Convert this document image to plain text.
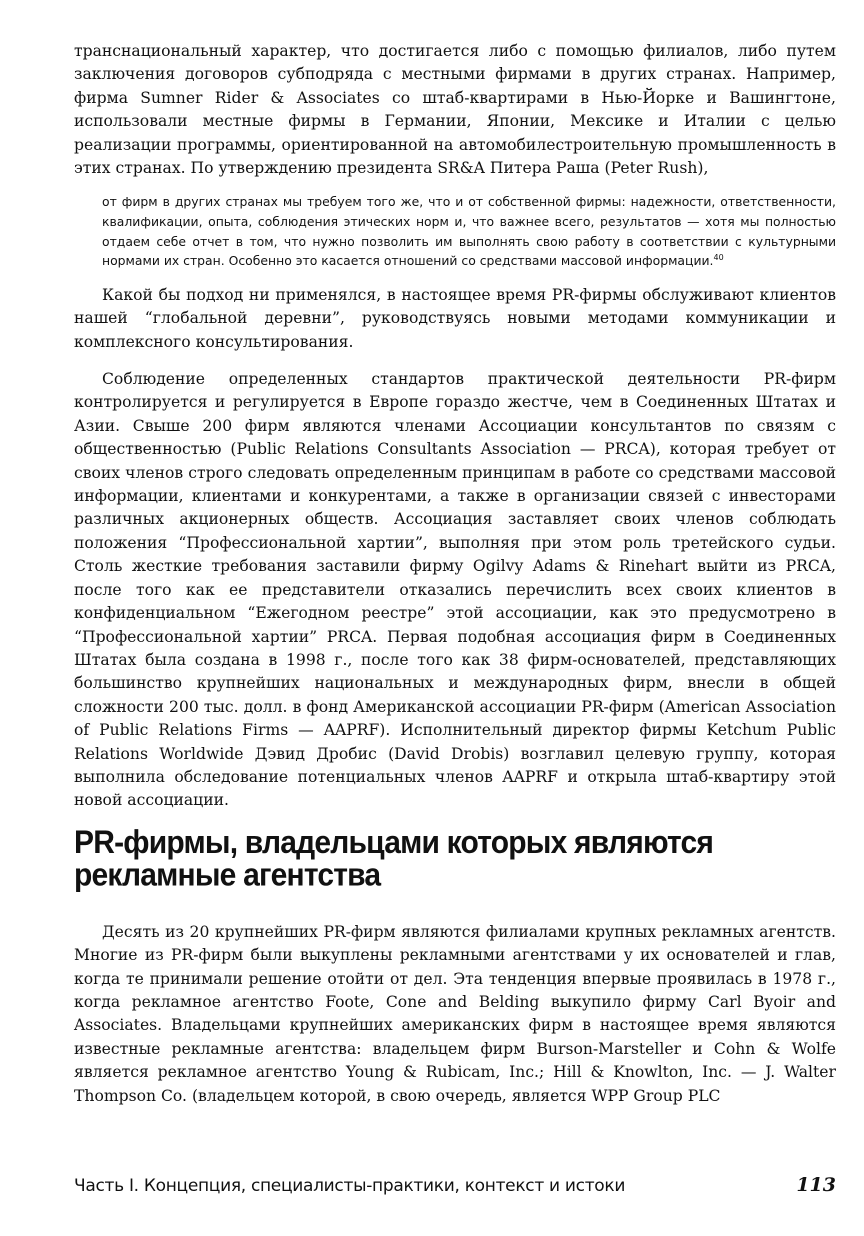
транснациональный характер, что достигается либо с помощью филиалов, либо путем заключения договоров субподряда с местными фирмами в других странах. Например, фирма Sumner Rider & Associates со штаб-квартирами в Нью-Йорке и Вашингтоне, использовали местные фирмы в Германии, Японии, Мексике и Италии с целью реализации программы, ориентированной на автомобилестроительную промышленность в этих странах. По утверждению президента SR&A Питера Раша (Peter Rush),

от фирм в других странах мы требуем того же, что и от собственной фирмы: надежности, ответственности, квалификации, опыта, соблюдения этических норм и, что важнее всего, результатов — хотя мы полностью отдаем себе отчет в том, что нужно позволить им выполнять свою работу в соответствии с культурными нормами их стран. Особенно это касается отношений со средствами массовой информации.$^{40}$

Какой бы подход ни применялся, в настоящее время PR-фирмы обслуживают клиентов нашей “глобальной деревни”, руководствуясь новыми методами коммуникации и комплексного консультирования.

Соблюдение определенных стандартов практической деятельности PR-фирм контролируется и регулируется в Европе гораздо жестче, чем в Соединенных Штатах и Азии. Свыше 200 фирм являются членами Ассоциации консультантов по связям с общественностью (Public Relations Consultants Association — PRCA), которая требует от своих членов строго следовать определенным принципам в работе со средствами массовой информации, клиентами и конкурентами, а также в организации связей с инвесторами различных акционерных обществ. Ассоциация заставляет своих членов соблюдать положения “Профессиональной хартии”, выполняя при этом роль третейского судьи. Столь жесткие требования заставили фирму Ogilvy Adams & Rinehart выйти из PRCA, после того как ее представители отказались перечислить всех своих клиентов в конфиденциальном “Ежегодном реестре” этой ассоциации, как это предусмотрено в “Профессиональной хартии” PRCA. Первая подобная ассоциация фирм в Соединенных Штатах была создана в 1998 г., после того как 38 фирм-основателей, представляющих большинство крупнейших национальных и международных фирм, внесли в общей сложности 200 тыс. долл. в фонд Американской ассоциации PR-фирм (American Association of Public Relations Firms — AAPRF). Исполнительный директор фирмы Ketchum Public Relations Worldwide Дэвид Дробис (David Drobis) возглавил целевую группу, которая выполнила обследование потенциальных членов AAPRF и открыла штаб-квартиру этой новой ассоциации.

PR-фирмы, владельцами которых являются рекламные агентства

Десять из 20 крупнейших PR-фирм являются филиалами крупных рекламных агентств. Многие из PR-фирм были выкуплены рекламными агентствами у их основателей и глав, когда те принимали решение отойти от дел. Эта тенденция впервые проявилась в 1978 г., когда рекламное агентство Foote, Cone and Belding выкупило фирму Carl Byoir and Associates. Владельцами крупнейших американских фирм в настоящее время являются известные рекламные агентства: владельцем фирм Burson-Marsteller и Cohn & Wolfe является рекламное агентство Young & Rubicam, Inc.; Hill & Knowlton, Inc. — J. Walter Thompson Co. (владельцем которой, в свою очередь, является WPP Group PLC

Часть I. Концепция, специалисты-практики, контекст и истоки	113
